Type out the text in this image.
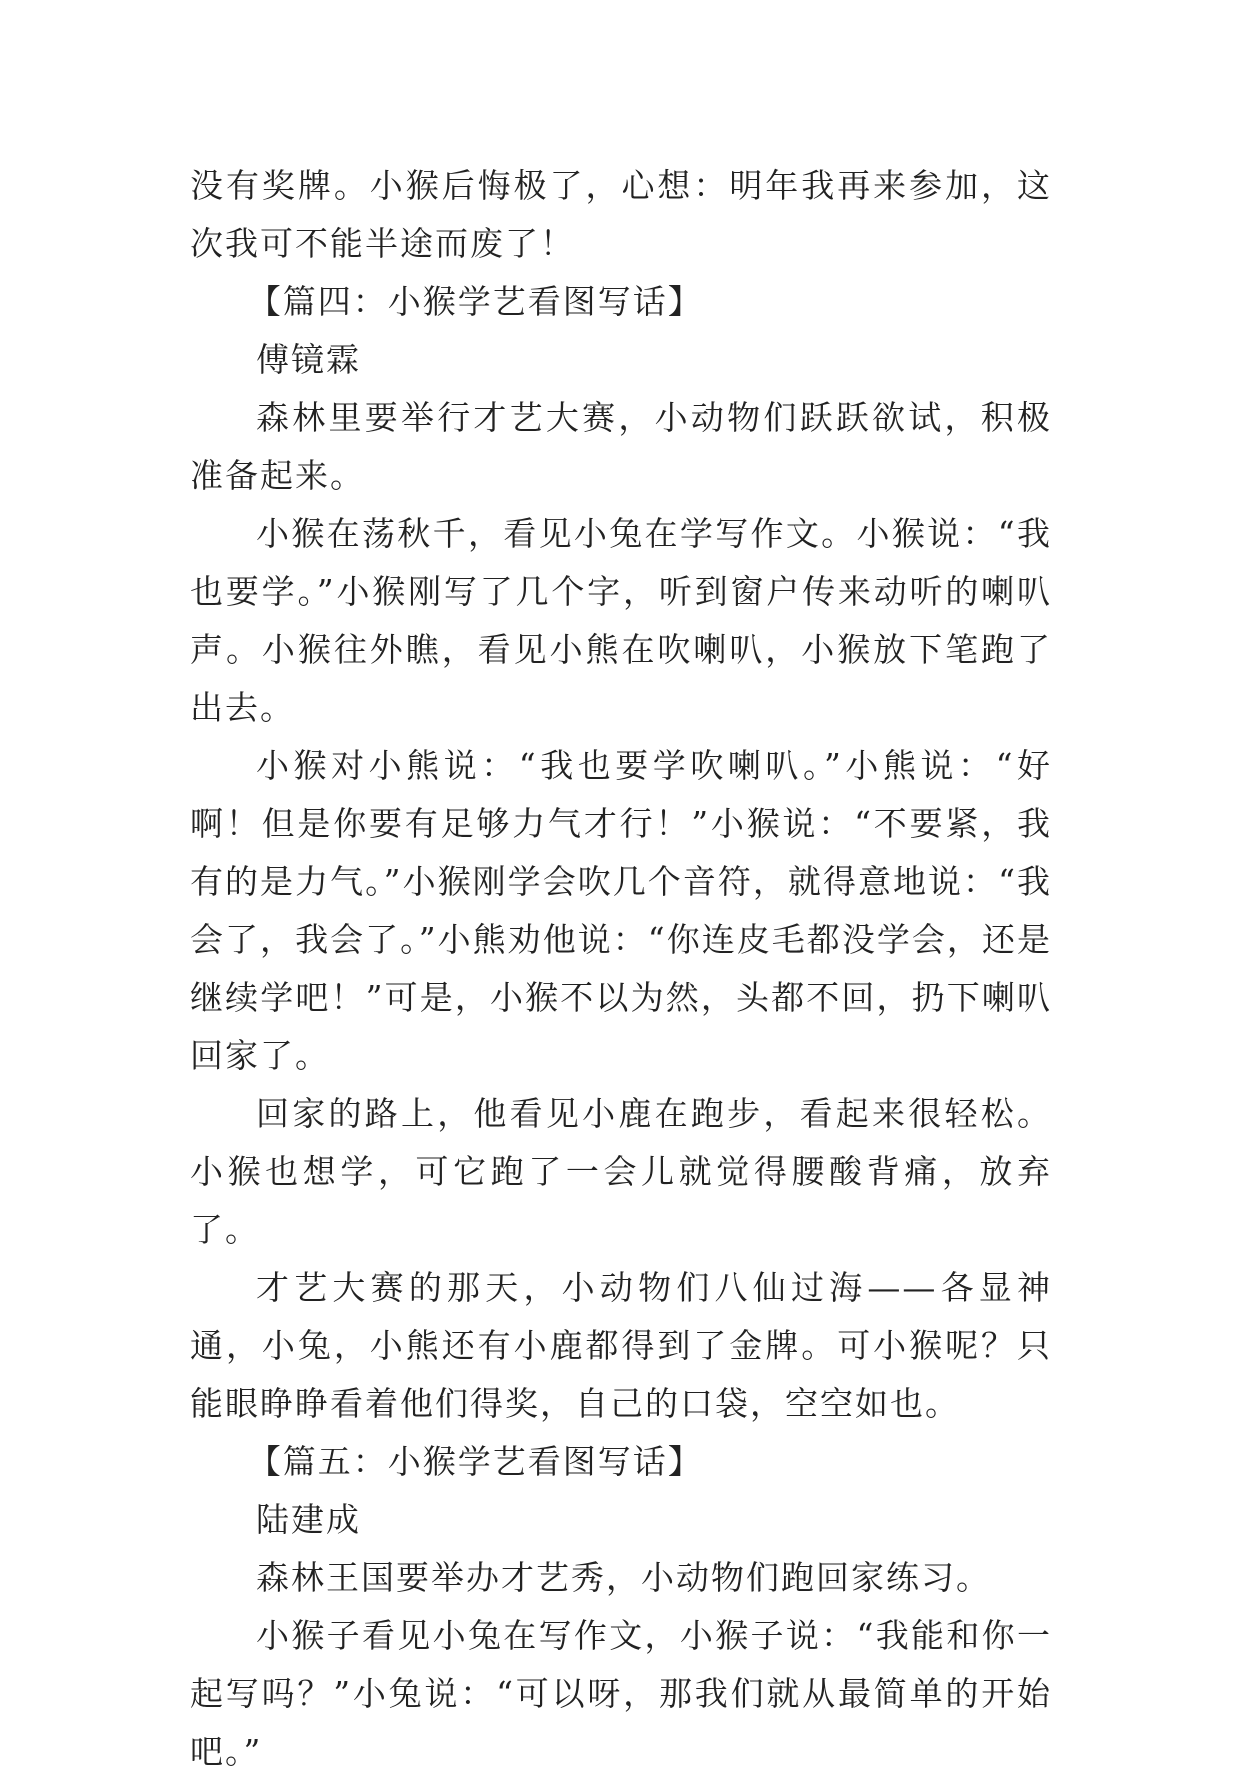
没有奖牌。小猴后悔极了，心想：明年我再来参加，这次我可不能半途而废了！

【篇四：小猴学艺看图写话】

傅镜霖

森林里要举行才艺大赛，小动物们跃跃欲试，积极准备起来。

小猴在荡秋千，看见小兔在学写作文。小猴说：“我也要学。”小猴刚写了几个字，听到窗户传来动听的喇叭声。小猴往外瞧，看见小熊在吹喇叭，小猴放下笔跑了出去。

小猴对小熊说：“我也要学吹喇叭。”小熊说：“好啊！但是你要有足够力气才行！”小猴说：“不要紧，我有的是力气。”小猴刚学会吹几个音符，就得意地说：“我会了，我会了。”小熊劝他说：“你连皮毛都没学会，还是继续学吧！”可是，小猴不以为然，头都不回，扔下喇叭回家了。

回家的路上，他看见小鹿在跑步，看起来很轻松。小猴也想学，可它跑了一会儿就觉得腰酸背痛，放弃了。

才艺大赛的那天，小动物们八仙过海——各显神通，小兔，小熊还有小鹿都得到了金牌。可小猴呢？只能眼睁睁看着他们得奖，自己的口袋，空空如也。

【篇五：小猴学艺看图写话】

陆建成

森林王国要举办才艺秀，小动物们跑回家练习。

小猴子看见小兔在写作文，小猴子说：“我能和你一起写吗？”小兔说：“可以呀，那我们就从最简单的开始吧。”
